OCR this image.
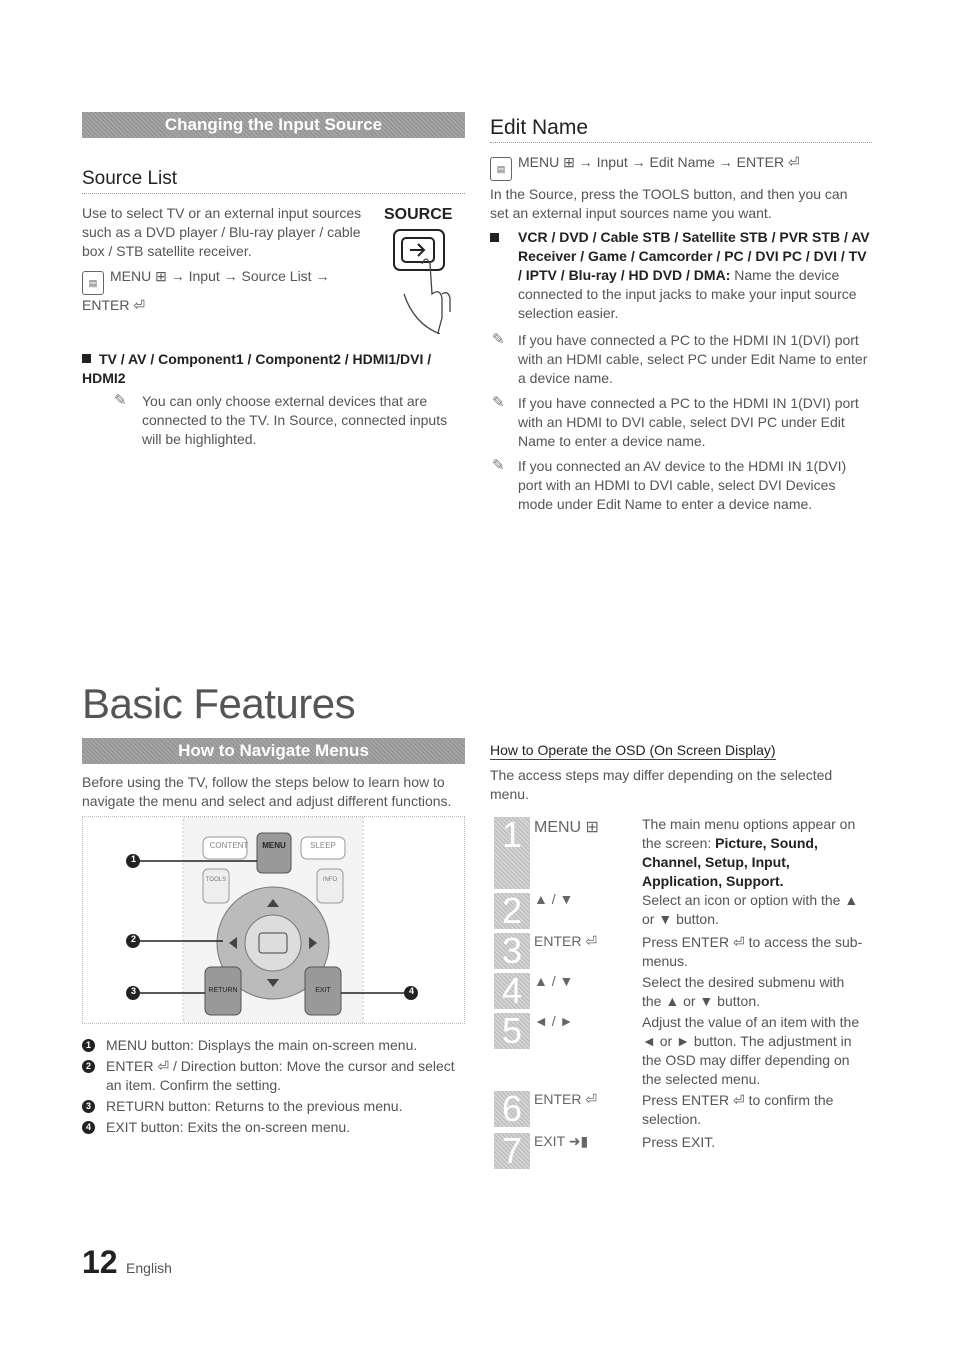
Changing the Input Source
Source List
Use to select TV or an external input sources such as a DVD player / Blu-ray player / cable box / STB satellite receiver.
▤ MENU ⊞ → Input → Source List → ENTER ⏎
SOURCE
TV / AV / Component1 / Component2 / HDMI1/DVI / HDMI2
✎ You can only choose external devices that are connected to the TV. In Source, connected inputs will be highlighted.
Edit Name
▤ MENU ⊞ → Input → Edit Name → ENTER ⏎
In the Source, press the TOOLS button, and then you can set an external input sources name you want.
VCR / DVD / Cable STB / Satellite STB / PVR STB / AV Receiver / Game / Camcorder / PC / DVI PC / DVI / TV / IPTV / Blu-ray / HD DVD / DMA: Name the device connected to the input jacks to make your input source selection easier.
✎ If you have connected a PC to the HDMI IN 1(DVI) port with an HDMI cable, select PC under Edit Name to enter a device name.
✎ If you have connected a PC to the HDMI IN 1(DVI) port with an HDMI to DVI cable, select DVI PC under Edit Name to enter a device name.
✎ If you connected an AV device to the HDMI IN 1(DVI) port with an HDMI to DVI cable, select DVI Devices mode under Edit Name to enter a device name.
Basic Features
How to Navigate Menus
Before using the TV, follow the steps below to learn how to navigate the menu and select and adjust different functions.
CONTENT	MENU	SLEEP
TOOLS	INFO
RETURN	EXIT
1
2
3	4
1 MENU button: Displays the main on-screen menu.
2 ENTER ⏎ / Direction button: Move the cursor and select an item. Confirm the setting.
3 RETURN button: Returns to the previous menu.
4 EXIT button: Exits the on-screen menu.
How to Operate the OSD (On Screen Display)
The access steps may differ depending on the selected menu.
1 MENU ⊞	The main menu options appear on the screen: Picture, Sound, Channel, Setup, Input, Application, Support.
2 ▲ / ▼	Select an icon or option with the ▲ or ▼ button.
3 ENTER ⏎	Press ENTER ⏎ to access the sub-menus.
4 ▲ / ▼	Select the desired submenu with the ▲ or ▼ button.
5 ◄ / ►	Adjust the value of an item with the ◄ or ► button. The adjustment in the OSD may differ depending on the selected menu.
6 ENTER ⏎	Press ENTER ⏎ to confirm the selection.
7 EXIT ➜▮	Press EXIT.
12 English
